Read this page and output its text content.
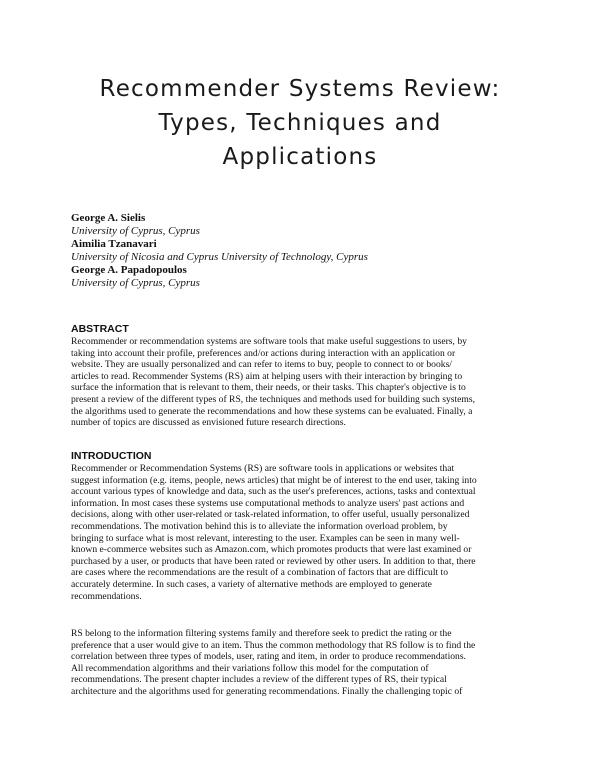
Recommender Systems Review:
Types, Techniques and
Applications
George A. Sielis
University of Cyprus, Cyprus
Aimilia Tzanavari
University of Nicosia and Cyprus University of Technology, Cyprus
George A. Papadopoulos
University of Cyprus, Cyprus
ABSTRACT
Recommender or recommendation systems are software tools that make useful suggestions to users, by
taking into account their profile, preferences and/or actions during interaction with an application or
website. They are usually personalized and can refer to items to buy, people to connect to or books/
articles to read. Recommender Systems (RS) aim at helping users with their interaction by bringing to
surface the information that is relevant to them, their needs, or their tasks. This chapter's objective is to
present a review of the different types of RS, the techniques and methods used for building such systems,
the algorithms used to generate the recommendations and how these systems can be evaluated. Finally, a
number of topics are discussed as envisioned future research directions.
INTRODUCTION
Recommender or Recommendation Systems (RS) are software tools in applications or websites that
suggest information (e.g. items, people, news articles) that might be of interest to the end user, taking into
account various types of knowledge and data, such as the user's preferences, actions, tasks and contextual
information. In most cases these systems use computational methods to analyze users' past actions and
decisions, along with other user-related or task-related information, to offer useful, usually personalized
recommendations. The motivation behind this is to alleviate the information overload problem, by
bringing to surface what is most relevant, interesting to the user. Examples can be seen in many well-
known e-commerce websites such as Amazon.com, which promotes products that were last examined or
purchased by a user, or products that have been rated or reviewed by other users. In addition to that, there
are cases where the recommendations are the result of a combination of factors that are difficult to
accurately determine. In such cases, a variety of alternative methods are employed to generate
recommendations.
RS belong to the information filtering systems family and therefore seek to predict the rating or the
preference that a user would give to an item. Thus the common methodology that RS follow is to find the
correlation between three types of models, user, rating and item, in order to produce recommendations.
All recommendation algorithms and their variations follow this model for the computation of
recommendations. The present chapter includes a review of the different types of RS, their typical
architecture and the algorithms used for generating recommendations. Finally the challenging topic of
